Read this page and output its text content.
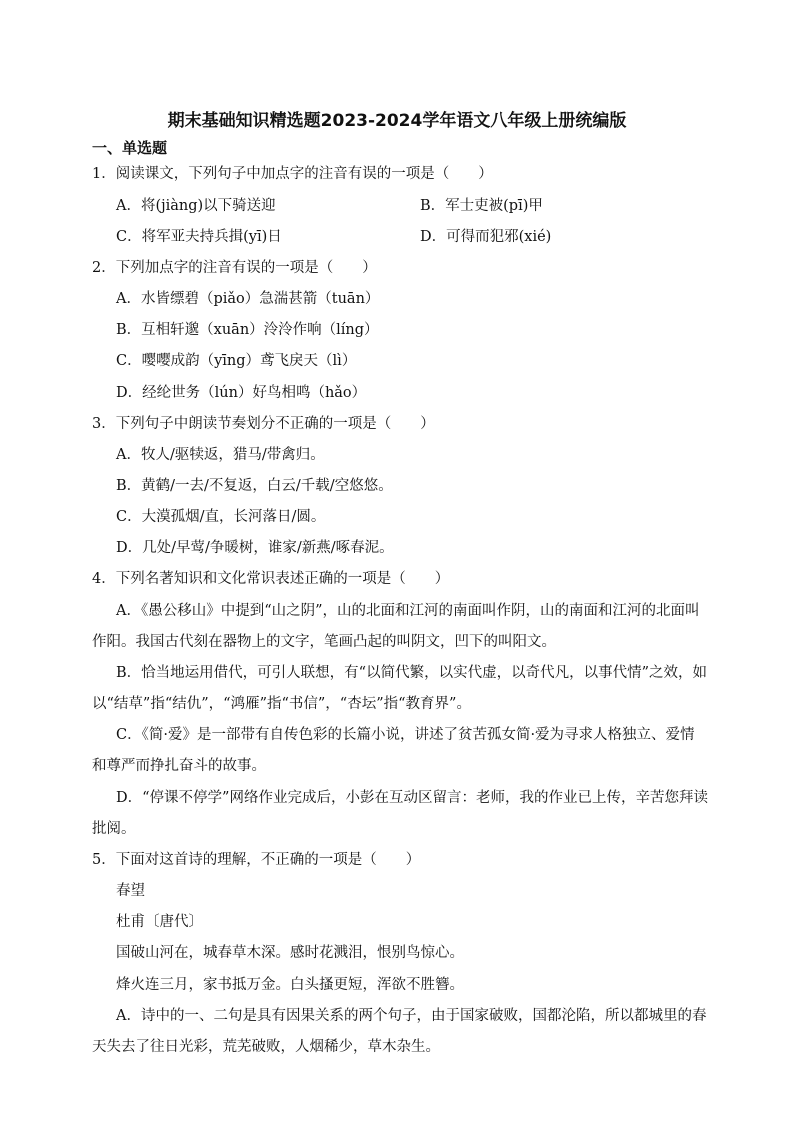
期末基础知识精选题2023-2024学年语文八年级上册统编版
一、单选题
1．阅读课文，下列句子中加点字的注音有误的一项是（　　）
A．将(jiàng)以下骑送迎	B．军士吏被(pī)甲
C．将军亚夫持兵揖(yī)日	D．可得而犯邪(xié)
2．下列加点字的注音有误的一项是（　　）
A．水皆缥碧（piǎo）急湍甚箭（tuān）
B．互相轩邈（xuān）泠泠作响（líng）
C．嘤嘤成韵（yīng）鸢飞戾天（lì）
D．经纶世务（lún）好鸟相鸣（hǎo）
3．下列句子中朗读节奏划分不正确的一项是（　　）
A．牧人/驱犊返，猎马/带禽归。
B．黄鹤/一去/不复返，白云/千载/空悠悠。
C．大漠孤烟/直，长河落日/圆。
D．几处/早莺/争暖树，谁家/新燕/啄春泥。
4．下列名著知识和文化常识表述正确的一项是（　　）
A．《愚公移山》中提到“山之阴”，山的北面和江河的南面叫作阴，山的南面和江河的北面叫
作阳。我国古代刻在器物上的文字，笔画凸起的叫阴文，凹下的叫阳文。
B．恰当地运用借代，可引人联想，有“以简代繁，以实代虚，以奇代凡，以事代情”之效，如
以“结草”指“结仇”，“鸿雁”指“书信”，“杏坛”指“教育界”。
C．《简·爱》是一部带有自传色彩的长篇小说，讲述了贫苦孤女简·爱为寻求人格独立、爱情
和尊严而挣扎奋斗的故事。
D．“停课不停学”网络作业完成后，小彭在互动区留言：老师，我的作业已上传，辛苦您拜读
批阅。
5．下面对这首诗的理解，不正确的一项是（　　）
春望
杜甫〔唐代〕
国破山河在，城春草木深。感时花溅泪，恨别鸟惊心。
烽火连三月，家书抵万金。白头搔更短，浑欲不胜簪。
A．诗中的一、二句是具有因果关系的两个句子，由于国家破败，国都沦陷，所以都城里的春
天失去了往日光彩，荒芜破败，人烟稀少，草木杂生。
